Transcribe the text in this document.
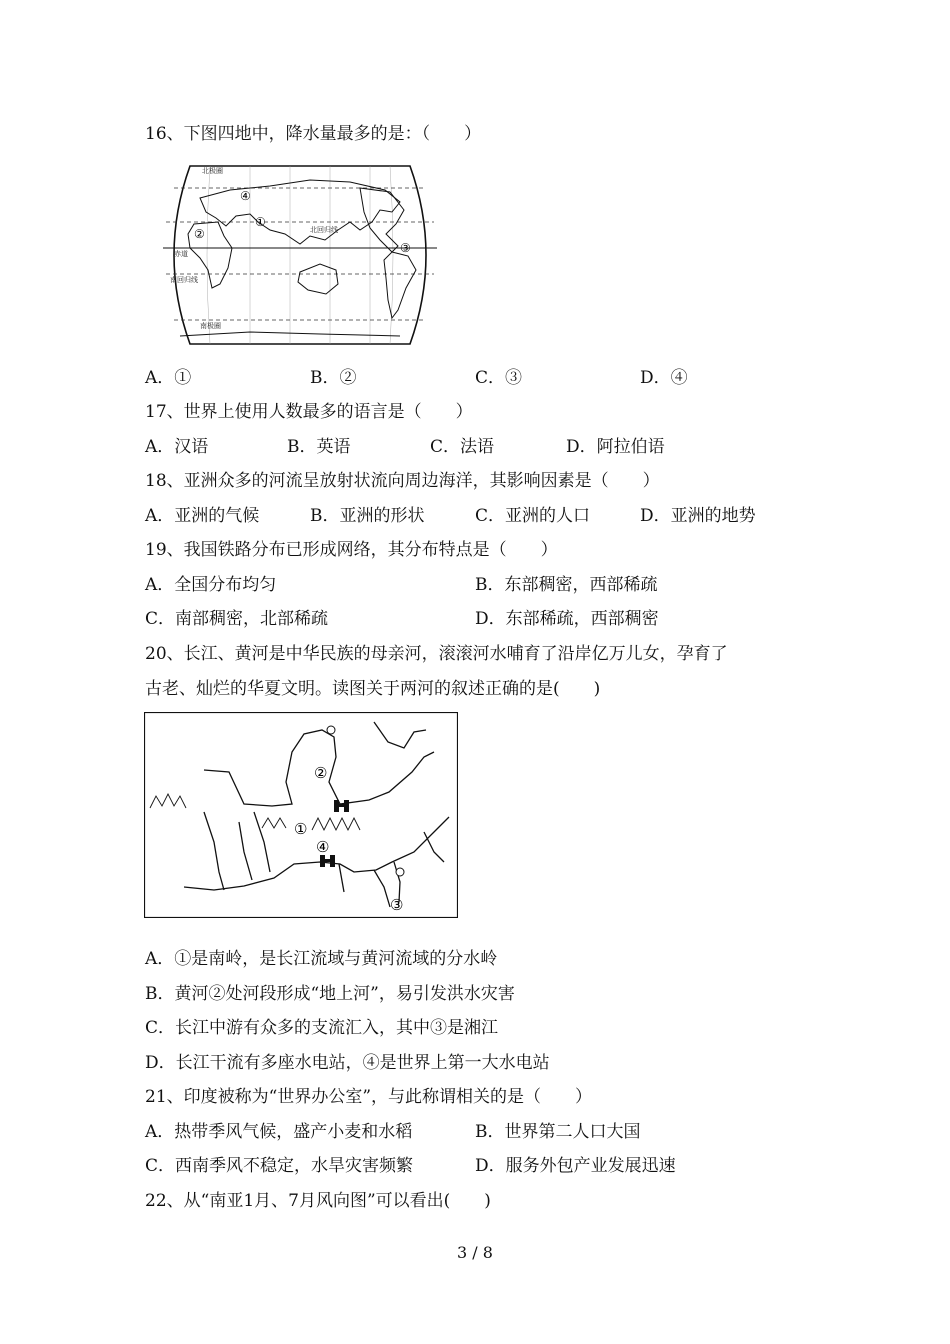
16、下图四地中，降水量最多的是：（　　）
北极圈
北回归线
赤道
南回归线
南极圈
①
②
③
④
A．①	B．②	C．③	D．④
17、世界上使用人数最多的语言是（　　）
A．汉语	B．英语	C．法语	D．阿拉伯语
18、亚洲众多的河流呈放射状流向周边海洋，其影响因素是（　　）
A．亚洲的气候	B．亚洲的形状	C．亚洲的人口	D．亚洲的地势
19、我国铁路分布已形成网络，其分布特点是（　　）
A．全国分布均匀	B．东部稠密，西部稀疏
C．南部稠密，北部稀疏	D．东部稀疏，西部稠密
20、长江、黄河是中华民族的母亲河，滚滚河水哺育了沿岸亿万儿女，孕育了
古老、灿烂的华夏文明。读图关于两河的叙述正确的是(　　)
①
②
③
④
A．①是南岭，是长江流域与黄河流域的分水岭
B．黄河②处河段形成“地上河”，易引发洪水灾害
C．长江中游有众多的支流汇入，其中③是湘江
D．长江干流有多座水电站，④是世界上第一大水电站
21、印度被称为“世界办公室”，与此称谓相关的是（　　）
A．热带季风气候，盛产小麦和水稻	B．世界第二人口大国
C．西南季风不稳定，水旱灾害频繁	D．服务外包产业发展迅速
22、从“南亚1月、7月风向图”可以看出(　　)
3 / 8
